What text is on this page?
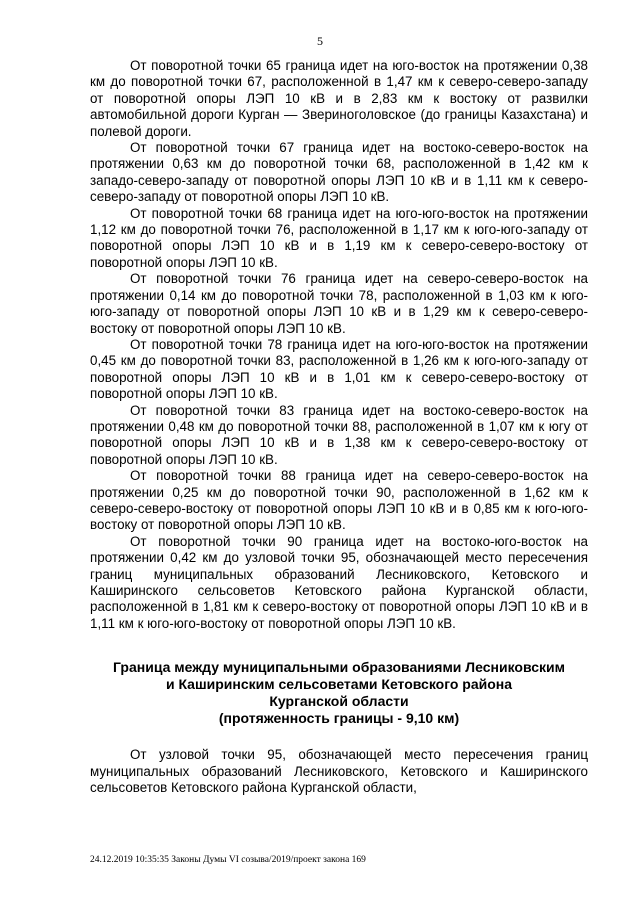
5

От поворотной точки 65 граница идет на юго-восток на протяжении 0,38 км до поворотной точки 67, расположенной в 1,47 км к северо-северо-западу от поворотной опоры ЛЭП 10 кВ и в 2,83 км к востоку от развилки автомобильной дороги Курган — Звериноголовское (до границы Казахстана) и полевой дороги.

От поворотной точки 67 граница идет на востоко-северо-восток на протяжении 0,63 км до поворотной точки 68, расположенной в 1,42 км к западо-северо-западу от поворотной опоры ЛЭП 10 кВ и в 1,11 км к северо-северо-западу от поворотной опоры ЛЭП 10 кВ.

От поворотной точки 68 граница идет на юго-юго-восток на протяжении 1,12 км до поворотной точки 76, расположенной в 1,17 км к юго-юго-западу от поворотной опоры ЛЭП 10 кВ и в 1,19 км к северо-северо-востоку от поворотной опоры ЛЭП 10 кВ.

От поворотной точки 76 граница идет на северо-северо-восток на протяжении 0,14 км до поворотной точки 78, расположенной в 1,03 км к юго-юго-западу от поворотной опоры ЛЭП 10 кВ и в 1,29 км к северо-северо-востоку от поворотной опоры ЛЭП 10 кВ.

От поворотной точки 78 граница идет на юго-юго-восток на протяжении 0,45 км до поворотной точки 83, расположенной в 1,26 км к юго-юго-западу от поворотной опоры ЛЭП 10 кВ и в 1,01 км к северо-северо-востоку от поворотной опоры ЛЭП 10 кВ.

От поворотной точки 83 граница идет на востоко-северо-восток на протяжении 0,48 км до поворотной точки 88, расположенной в 1,07 км к югу от поворотной опоры ЛЭП 10 кВ и в 1,38 км к северо-северо-востоку от поворотной опоры ЛЭП 10 кВ.

От поворотной точки 88 граница идет на северо-северо-восток на протяжении 0,25 км до поворотной точки 90, расположенной в 1,62 км к северо-северо-востоку от поворотной опоры ЛЭП 10 кВ и в 0,85 км к юго-юго-востоку от поворотной опоры ЛЭП 10 кВ.

От поворотной точки 90 граница идет на востоко-юго-восток на протяжении 0,42 км до узловой точки 95, обозначающей место пересечения границ муниципальных образований Лесниковского, Кетовского и Каширинского сельсоветов Кетовского района Курганской области, расположенной в 1,81 км к северо-востоку от поворотной опоры ЛЭП 10 кВ и в 1,11 км к юго-юго-востоку от поворотной опоры ЛЭП 10 кВ.

Граница между муниципальными образованиями Лесниковским
и Каширинским сельсоветами Кетовского района
Курганской области
(протяженность границы - 9,10 км)

От узловой точки 95, обозначающей место пересечения границ муниципальных образований Лесниковского, Кетовского и Каширинского сельсоветов Кетовского района Курганской области,

24.12.2019 10:35:35 Законы Думы VI созыва/2019/проект закона 169
